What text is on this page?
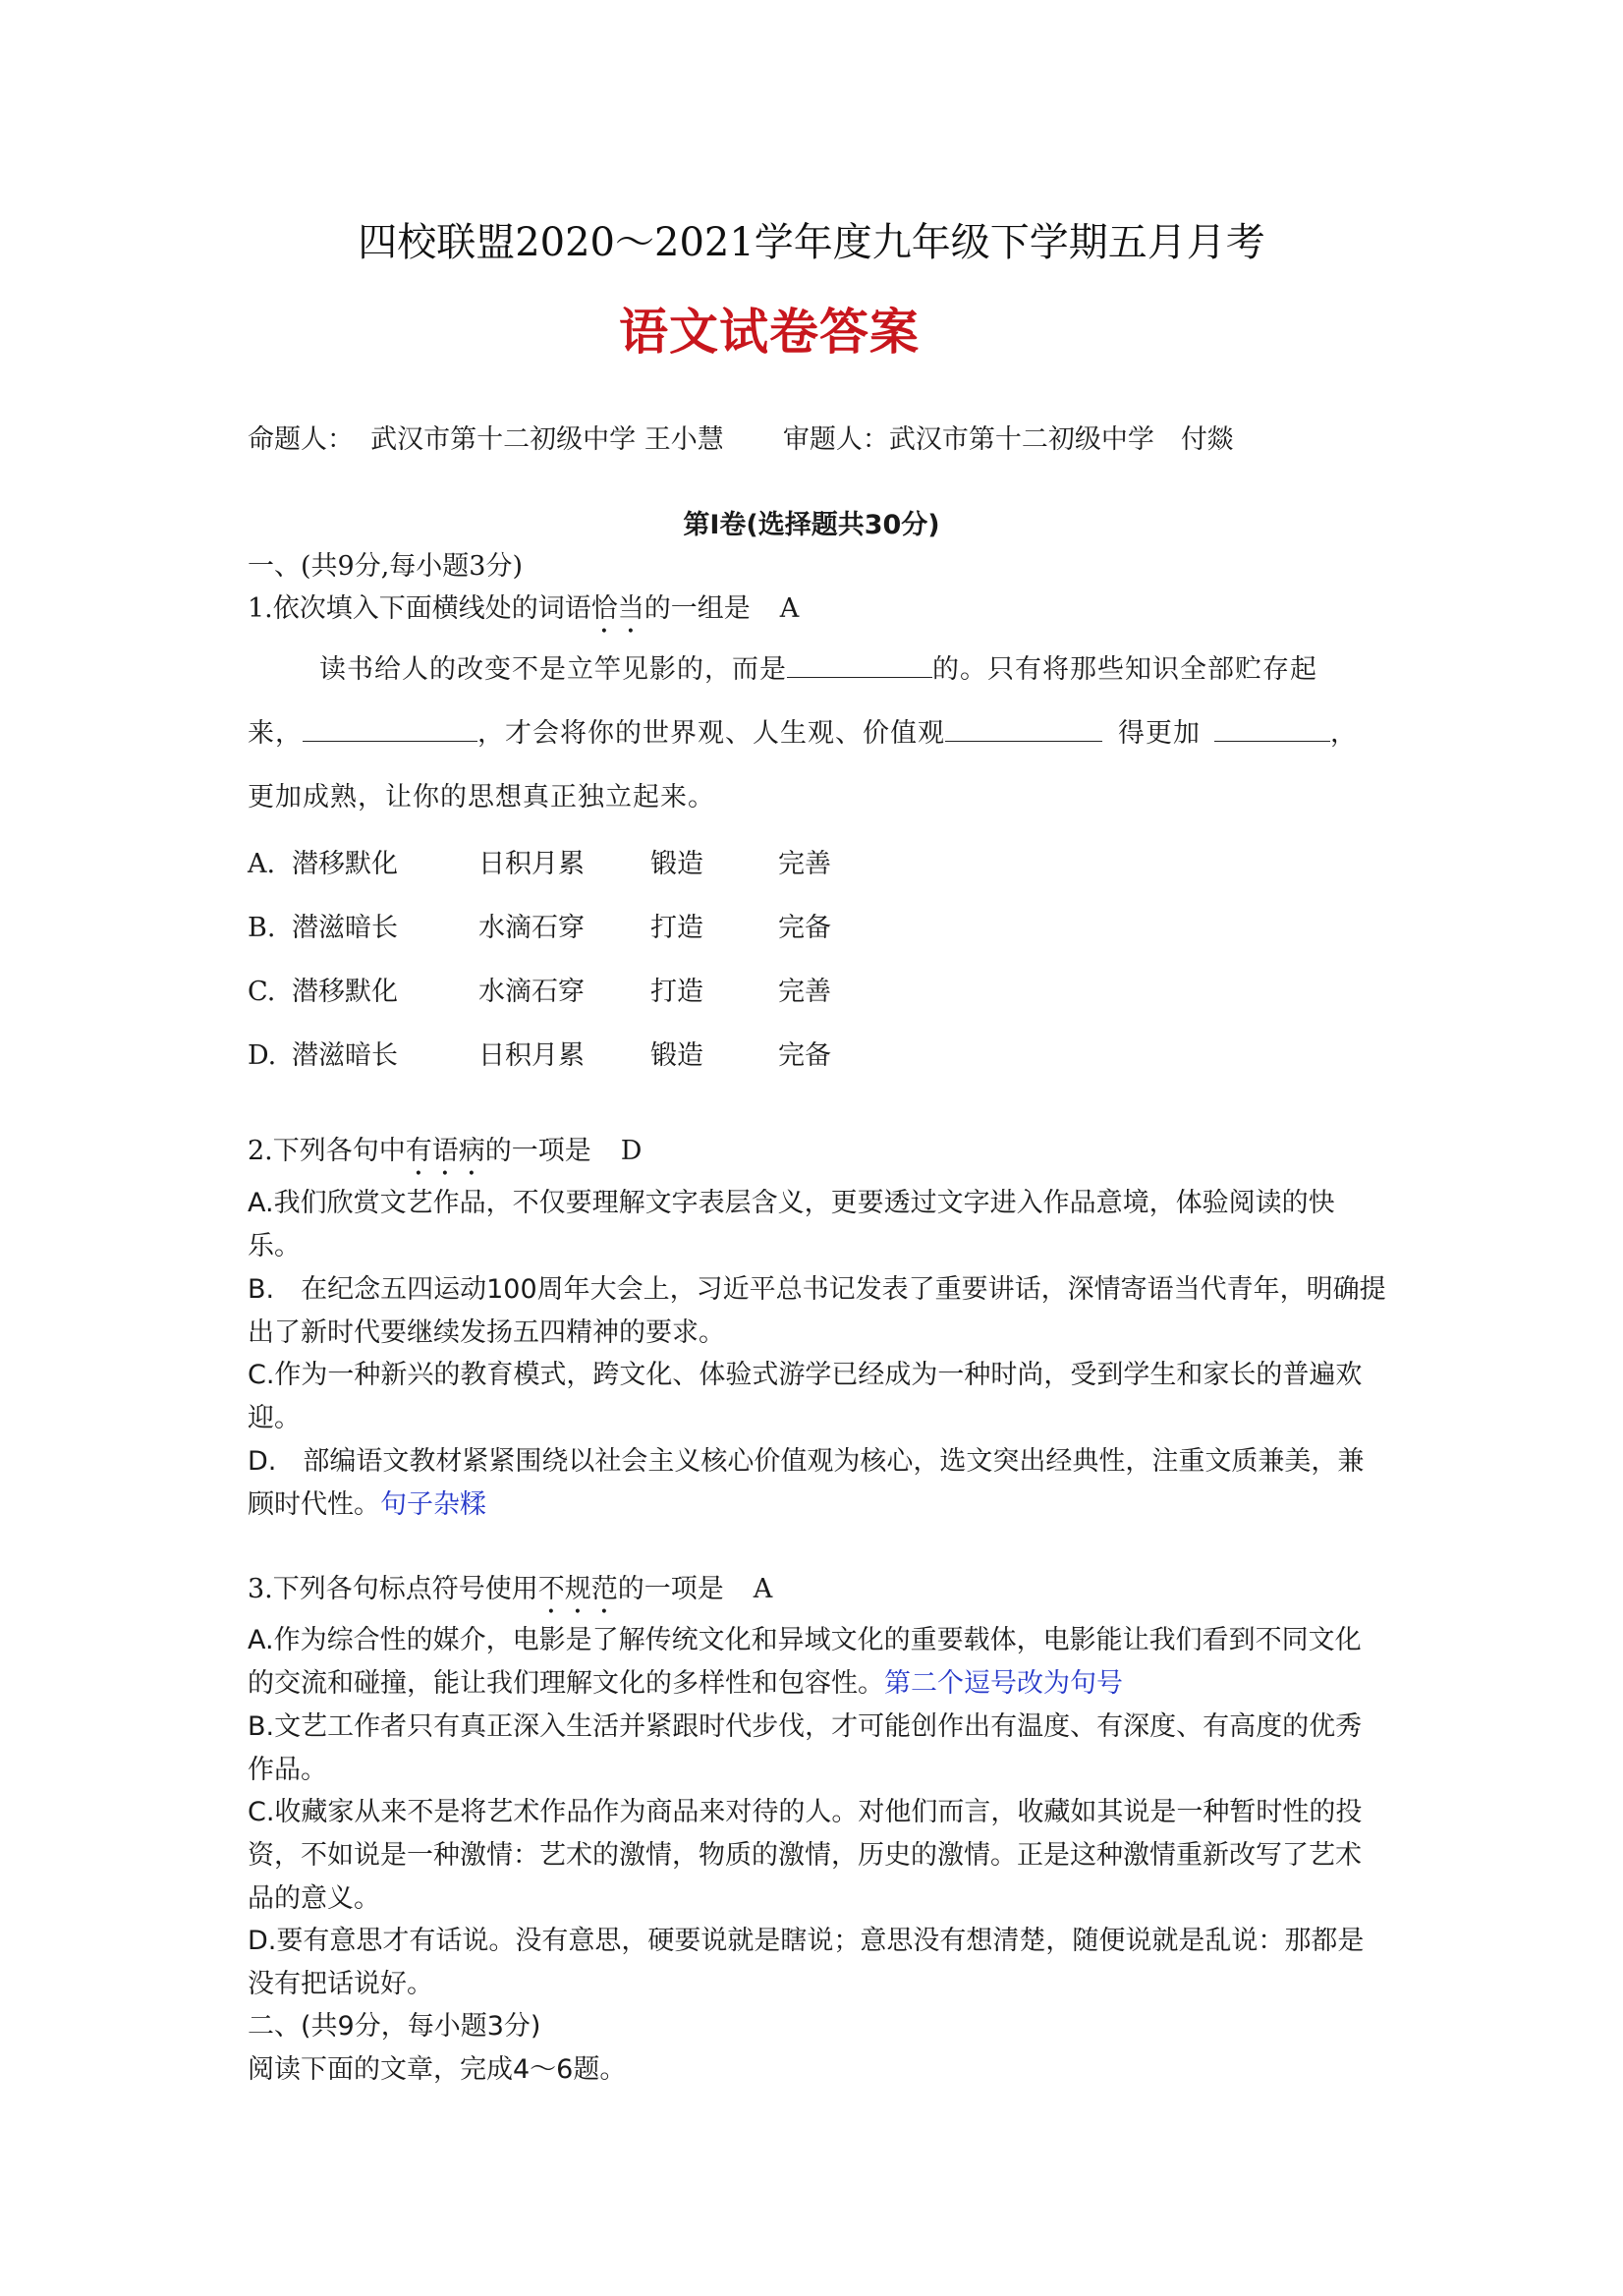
四校联盟2020～2021学年度九年级下学期五月月考
语文试卷答案
命题人： 武汉市第十二初级中学 王小慧 审题人：武汉市第十二初级中学　付燚
第Ⅰ卷(选择题共30分)
一、(共9分,每小题3分)
1.依次填入下面横线处的词语恰当的一组是 A
读书给人的改变不是立竿见影的，而是	的。只有将那些知识全部贮存起
来，	，才会将你的世界观、人生观、价值观	得更加	，
更加成熟，让你的思想真正独立起来。
A. 潜移默化	日积月累 锻造	完善
B. 潜滋暗长	水滴石穿 打造	完备
C. 潜移默化	水滴石穿 打造	完善
D. 潜滋暗长	日积月累 锻造	完备
2.下列各句中有语病的一项是 D
A.我们欣赏文艺作品，不仅要理解文字表层含义，更要透过文字进入作品意境，体验阅读的快乐。
B.　在纪念五四运动100周年大会上，习近平总书记发表了重要讲话，深情寄语当代青年，明确提出了新时代要继续发扬五四精神的要求。
C.作为一种新兴的教育模式，跨文化、体验式游学已经成为一种时尚，受到学生和家长的普遍欢迎。
D.　部编语文教材紧紧围绕以社会主义核心价值观为核心，选文突出经典性，注重文质兼美，兼顾时代性。句子杂糅
3.下列各句标点符号使用不规范的一项是 A
A.作为综合性的媒介，电影是了解传统文化和异域文化的重要载体，电影能让我们看到不同文化的交流和碰撞，能让我们理解文化的多样性和包容性。第二个逗号改为句号
B.文艺工作者只有真正深入生活并紧跟时代步伐，才可能创作出有温度、有深度、有高度的优秀作品。
C.收藏家从来不是将艺术作品作为商品来对待的人。对他们而言，收藏如其说是一种暂时性的投资，不如说是一种激情：艺术的激情，物质的激情，历史的激情。正是这种激情重新改写了艺术品的意义。
D.要有意思才有话说。没有意思，硬要说就是瞎说；意思没有想清楚，随便说就是乱说：那都是没有把话说好。
二、(共9分，每小题3分)
阅读下面的文章，完成4～6题。
